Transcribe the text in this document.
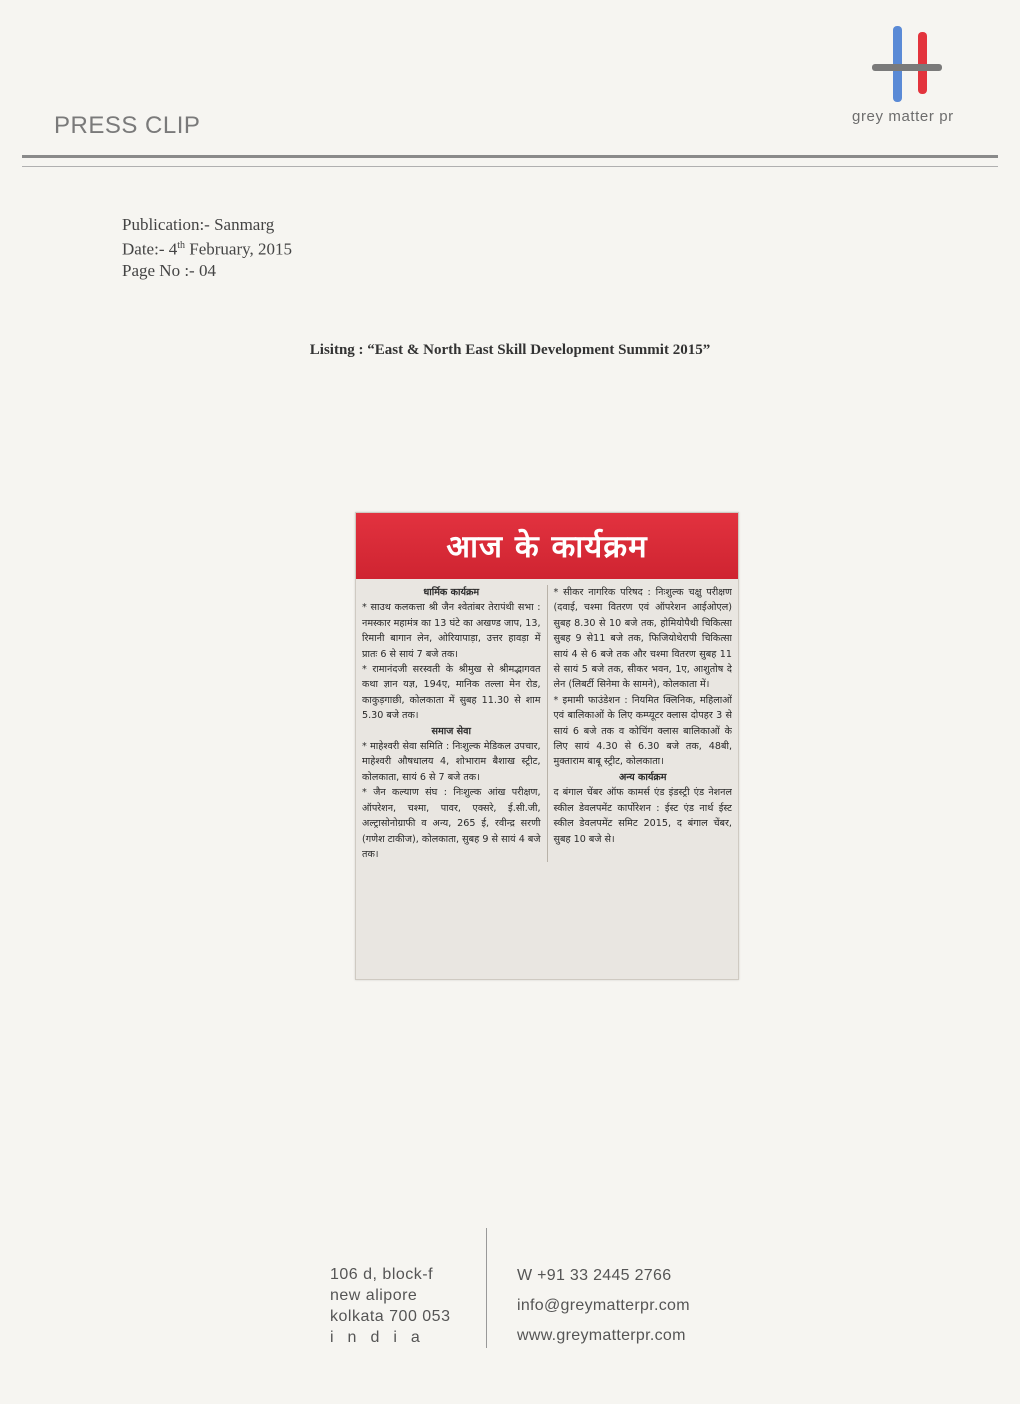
PRESS CLIP	grey matter pr
Publication:- Sanmarg
Date:- 4th February, 2015
Page No :- 04
Lisitng : “East & North East Skill Development Summit 2015”
आज के कार्यक्रम

धार्मिक कार्यक्रम

* साउथ कलकत्ता श्री जैन श्वेतांबर तेरापंथी सभा : नमस्कार महामंत्र का 13 घंटे का अखण्ड जाप, 13, रिमानी बागान लेन, ओरियापाड़ा, उत्तर हावड़ा में प्रातः 6 से सायं 7 बजे तक।

* रामानंदजी सरस्वती के श्रीमुख से श्रीमद्भागवत कथा ज्ञान यज्ञ, 194ए, मानिक तल्ला मेन रोड, काकुड़गाछी, कोलकाता में सुबह 11.30 से शाम 5.30 बजे तक।

समाज सेवा

* माहेश्वरी सेवा समिति : निःशुल्क मेडिकल उपचार, माहेश्वरी औषधालय 4, शोभाराम बैशाख स्ट्रीट, कोलकाता, सायं 6 से 7 बजे तक।

* जैन कल्याण संघ : निःशुल्क आंख परीक्षण, ऑपरेशन, चश्मा, पावर, एक्सरे, ई.सी.जी, अल्ट्रासोनोग्राफी व अन्य, 265 ई, रवीन्द्र सरणी (गणेश टाकीज), कोलकाता, सुबह 9 से सायं 4 बजे तक।

* सीकर नागरिक परिषद : निःशुल्क चक्षु परीक्षण (दवाई, चश्मा वितरण एवं ऑपरेशन आईओएल) सुबह 8.30 से 10 बजे तक, होमियोपैथी चिकित्सा सुबह 9 से11 बजे तक, फिजियोथेरापी चिकित्सा सायं 4 से 6 बजे तक और चश्मा वितरण सुबह 11 से सायं 5 बजे तक, सीकर भवन, 1ए, आशुतोष दे लेन (लिबर्टी सिनेमा के सामने), कोलकाता में।

* इमामी फाउंडेशन : नियमित क्लिनिक, महिलाओं एवं बालिकाओं के लिए कम्प्यूटर क्लास दोपहर 3 से सायं 6 बजे तक व कोचिंग क्लास बालिकाओं के लिए सायं 4.30 से 6.30 बजे तक, 48बी, मुक्ताराम बाबू स्ट्रीट, कोलकाता।

अन्य कार्यक्रम

द बंगाल चेंबर ऑफ कामर्स एंड इंडस्ट्री एंड नेशनल स्कील डेवलपमेंट कार्पोरेशन : ईस्ट एंड नार्थ ईस्ट स्कील डेवलपमेंट समिट 2015, द बंगाल चेंबर, सुबह 10 बजे से।

106 d, block-f
new alipore
kolkata 700 053
india
W +91 33 2445 2766
info@greymatterpr.com
www.greymatterpr.com
